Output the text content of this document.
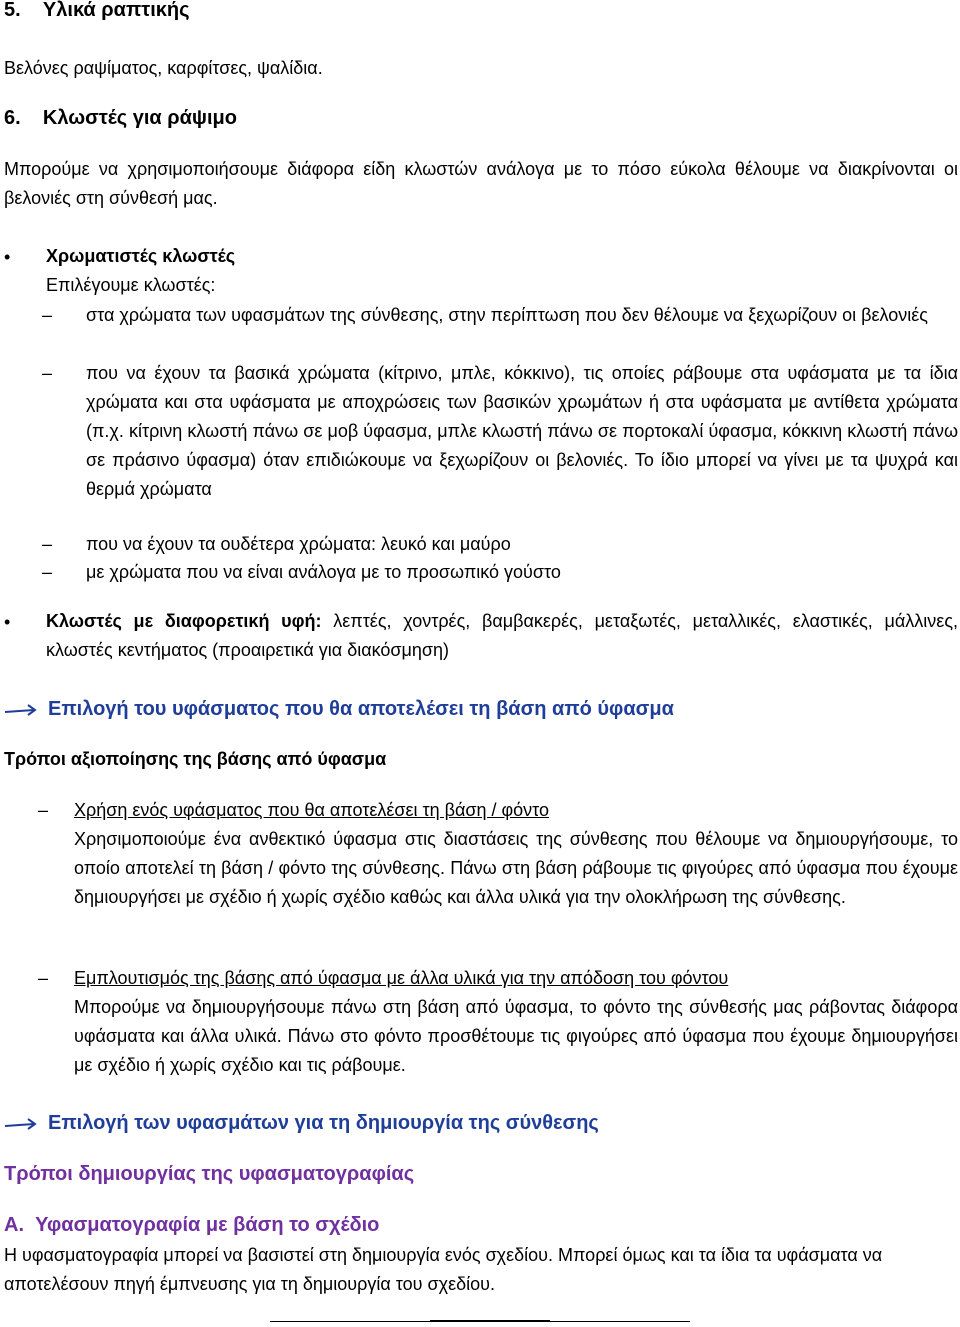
5. Υλικά ραπτικής
Βελόνες ραψίματος, καρφίτσες, ψαλίδια.
6. Κλωστές για ράψιμο
Μπορούμε να χρησιμοποιήσουμε διάφορα είδη κλωστών ανάλογα με το πόσο εύκολα θέλουμε να διακρίνονται οι βελονιές στη σύνθεσή μας.
• Χρωματιστές κλωστές
Επιλέγουμε κλωστές:
– στα χρώματα των υφασμάτων της σύνθεσης, στην περίπτωση που δεν θέλουμε να ξεχωρίζουν οι βελονιές
– που να έχουν τα βασικά χρώματα (κίτρινο, μπλε, κόκκινο), τις οποίες ράβουμε στα υφάσματα με τα ίδια χρώματα και στα υφάσματα με αποχρώσεις των βασικών χρωμάτων ή στα υφάσματα με αντίθετα χρώματα (π.χ. κίτρινη κλωστή πάνω σε μοβ ύφασμα, μπλε κλωστή πάνω σε πορτοκαλί ύφασμα, κόκκινη κλωστή πάνω σε πράσινο ύφασμα) όταν επιδιώκουμε να ξεχωρίζουν οι βελονιές. Το ίδιο μπορεί να γίνει με τα ψυχρά και θερμά χρώματα
– που να έχουν τα ουδέτερα χρώματα: λευκό και μαύρο
– με χρώματα που να είναι ανάλογα με το προσωπικό γούστο
• Κλωστές με διαφορετική υφή: λεπτές, χοντρές, βαμβακερές, μεταξωτές, μεταλλικές, ελαστικές, μάλλινες, κλωστές κεντήματος (προαιρετικά για διακόσμηση)
Επιλογή του υφάσματος που θα αποτελέσει τη βάση από ύφασμα
Τρόποι αξιοποίησης της βάσης από ύφασμα
– Χρήση ενός υφάσματος που θα αποτελέσει τη βάση / φόντο
Χρησιμοποιούμε ένα ανθεκτικό ύφασμα στις διαστάσεις της σύνθεσης που θέλουμε να δημιουργήσουμε, το οποίο αποτελεί τη βάση / φόντο της σύνθεσης. Πάνω στη βάση ράβουμε τις φιγούρες από ύφασμα που έχουμε δημιουργήσει με σχέδιο ή χωρίς σχέδιο καθώς και άλλα υλικά για την ολοκλήρωση της σύνθεσης.
– Εμπλουτισμός της βάσης από ύφασμα με άλλα υλικά για την απόδοση του φόντου
Μπορούμε να δημιουργήσουμε πάνω στη βάση από ύφασμα, το φόντο της σύνθεσής μας ράβοντας διάφορα υφάσματα και άλλα υλικά. Πάνω στο φόντο προσθέτουμε τις φιγούρες από ύφασμα που έχουμε δημιουργήσει με σχέδιο ή χωρίς σχέδιο και τις ράβουμε.
Επιλογή των υφασμάτων για τη δημιουργία της σύνθεσης
Τρόποι δημιουργίας της υφασματογραφίας
Α. Υφασματογραφία με βάση το σχέδιο
Η υφασματογραφία μπορεί να βασιστεί στη δημιουργία ενός σχεδίου. Μπορεί όμως και τα ίδια τα υφάσματα να αποτελέσουν πηγή έμπνευσης για τη δημιουργία του σχεδίου.
